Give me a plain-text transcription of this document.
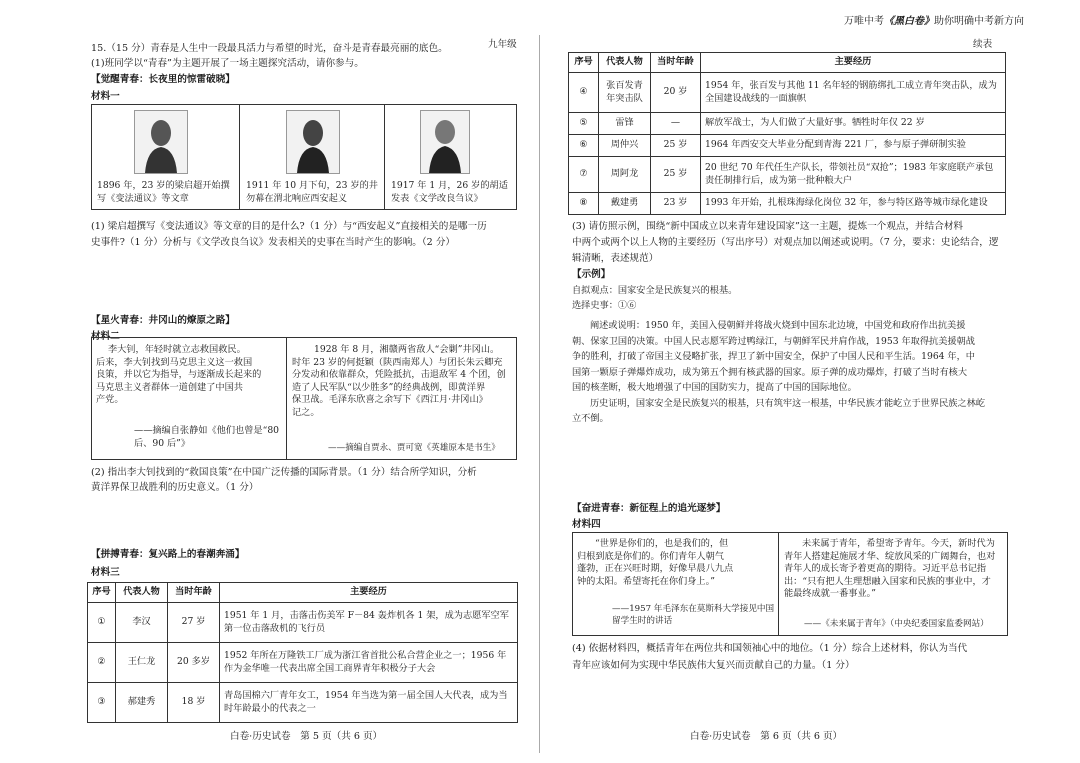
万唯中考《黑白卷》助你明确中考新方向
续表
15.（15 分）青春是人生中一段最具活力与希望的时光，奋斗是青春最亮丽的底色。	九年级
(1)班同学以“青春”为主题开展了一场主题探究活动，请你参与。
【觉醒青春：长夜里的惊雷破晓】
材料一
1896 年，23 岁的梁启超开始撰写《变法通议》等文章
1911 年 10 月下旬，23 岁的井勿幕在渭北响应西安起义
1917 年 1 月，26 岁的胡适发表《文学改良刍议》
(1) 梁启超撰写《变法通议》等文章的目的是什么?（1 分）与“西安起义”直接相关的是哪一历
史事件?（1 分）分析与《文学改良刍议》发表相关的史事在当时产生的影响。（2 分）
【星火青春：井冈山的燎原之路】
材料二
李大钊，年轻时就立志救国救民。
后来，李大钊找到马克思主义这一救国
良策，并以它为指导，与逐渐成长起来的
马克思主义者群体一道创建了中国共
产党。
——摘编自张静如《他们也曾是“80 后、90 后”》
1928 年 8 月，湘赣两省敌人“会剿”井冈山。
时年 23 岁的何挺颖（陕西南郑人）与团长朱云卿充
分发动和依靠群众，凭险抵抗，击退敌军 4 个团，创
造了人民军队“以少胜多”的经典战例，即黄洋界
保卫战。毛泽东欣喜之余写下《西江月·井冈山》
记之。
——摘编自贾永、贾可宽《英雄原本是书生》
(2) 指出李大钊找到的“救国良策”在中国广泛传播的国际背景。（1 分）结合所学知识，分析
黄洋界保卫战胜利的历史意义。（1 分）
【拼搏青春：复兴路上的春潮奔涌】
材料三
序号	代表人物	当时年龄	主要经历
①	李汉	27 岁	1951 年 1 月，击落击伤美军 F－84 轰炸机各 1 架，成为志愿军空军第一位击落敌机的飞行员
②	王仁龙	20 多岁	1952 年所在万隆铁工厂成为浙江省首批公私合营企业之一；1956 年作为金华唯一代表出席全国工商界青年积极分子大会
③	郝建秀	18 岁	青岛国棉六厂青年女工，1954 年当选为第一届全国人大代表，成为当时年龄最小的代表之一
白卷·历史试卷　第 5 页（共 6 页）
序号	代表人物	当时年龄	主要经历
④	张百发青年突击队	20 岁	1954 年，张百发与其他 11 名年轻的钢筋绑扎工成立青年突击队，成为全国建设战线的一面旗帜
⑤	雷锋	—	解放军战士，为人们做了大量好事。牺牲时年仅 22 岁
⑥	周仲兴	25 岁	1964 年西安交大毕业分配到青海 221 厂，参与原子弹研制实验
⑦	周阿龙	25 岁	20 世纪 70 年代任生产队长，带领社员“双抢”；1983 年家庭联产承包责任制排行后，成为第一批种粮大户
⑧	戴建勇	23 岁	1993 年开始，扎根珠海绿化岗位 32 年，参与特区路等城市绿化建设
(3) 请仿照示例，围绕“新中国成立以来青年建设国家”这一主题，提炼一个观点，并结合材料
中两个或两个以上人物的主要经历（写出序号）对观点加以阐述或说明。（7 分，要求：史论结合，逻
辑清晰，表述规范）
【示例】
自拟观点：国家安全是民族复兴的根基。
选择史事：①⑥
阐述或说明：1950 年，美国入侵朝鲜并将战火烧到中国东北边境，中国党和政府作出抗美援
朝、保家卫国的决策。中国人民志愿军跨过鸭绿江，与朝鲜军民并肩作战，1953 年取得抗美援朝战
争的胜利，打破了帝国主义侵略扩张，捍卫了新中国安全，保护了中国人民和平生活。1964 年，中
国第一颗原子弹爆炸成功，成为第五个拥有核武器的国家。原子弹的成功爆炸，打破了当时有核大
国的核垄断，极大地增强了中国的国防实力，提高了中国的国际地位。
历史证明，国家安全是民族复兴的根基，只有筑牢这一根基，中华民族才能屹立于世界民族之林屹
立不倒。
【奋进青春：新征程上的追光逐梦】
材料四
“世界是你们的，也是我们的，但
归根到底是你们的。你们青年人朝气
蓬勃，正在兴旺时期，好像早晨八九点
钟的太阳。希望寄托在你们身上。”
——1957 年毛泽东在莫斯科大学接见中国留学生时的讲话
未来属于青年，希望寄予青年。今天，新时代为
青年人搭建起施展才华、绽放风采的广阔舞台，也对
青年人的成长寄予着更高的期待。习近平总书记指
出：“只有把人生理想融入国家和民族的事业中，才
能最终成就一番事业。”
——《未来属于青年》（中央纪委国家监委网站）
(4) 依据材料四，概括青年在两位共和国领袖心中的地位。（1 分）综合上述材料，你认为当代
青年应该如何为实现中华民族伟大复兴而贡献自己的力量。（1 分）
白卷·历史试卷　第 6 页（共 6 页）
